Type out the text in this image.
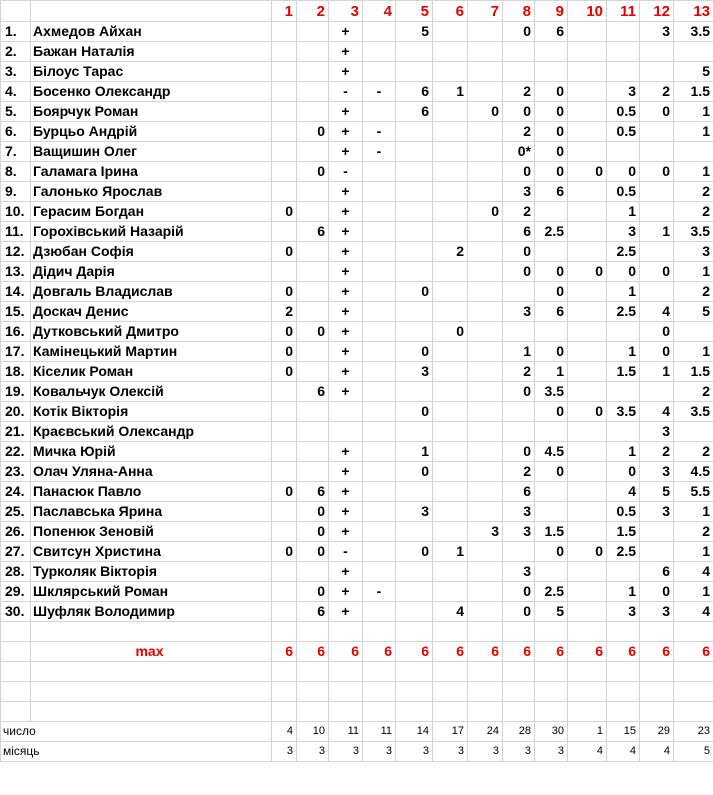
		1	2	3	4	5	6	7	8	9	10	11	12	13
1.	Ахмедов Айхан			+		5			0	6			3	3.5
2.	Бажан Наталія			+										
3.	Білоус Тарас			+										5
4.	Босенко Олександр			-	-	6	1		2	0		3	2	1.5
5.	Боярчук Роман			+		6		0	0	0		0.5	0	1
6.	Бурцьо Андрій		0	+	-				2	0		0.5		1
7.	Ващишин Олег			+	-				0*	0				
8.	Галамага Ірина		0	-					0	0	0	0	0	1
9.	Галонько Ярослав			+					3	6		0.5		2
10.	Герасим Богдан	0		+				0	2			1		2
11.	Горохівський Назарій		6	+					6	2.5		3	1	3.5
12.	Дзюбан Софія	0		+			2		0			2.5		3
13.	Дідич Дарія			+					0	0	0	0	0	1
14.	Довгаль Владислав	0		+		0				0		1		2
15.	Доскач Денис	2		+					3	6		2.5	4	5
16.	Дутковський Дмитро	0	0	+			0						0	
17.	Камінецький Мартин	0		+		0			1	0		1	0	1
18.	Кіселик Роман	0		+		3			2	1		1.5	1	1.5
19.	Ковальчук Олексій		6	+					0	3.5				2
20.	Котік Вікторія					0				0	0	3.5	4	3.5
21.	Краєвський Олександр												3	
22.	Мичка Юрій			+		1			0	4.5		1	2	2
23.	Олач Уляна-Анна			+		0			2	0		0	3	4.5
24.	Панасюк Павло	0	6	+					6			4	5	5.5
25.	Паславська Ярина		0	+		3			3			0.5	3	1
26.	Попенюк Зеновій		0	+				3	3	1.5		1.5		2
27.	Свитсун Христина	0	0	-		0	1			0	0	2.5		1
28.	Турколяк Вікторія			+					3				6	4
29.	Шклярський Роман		0	+	-				0	2.5		1	0	1
30.	Шуфляк Володимир		6	+			4		0	5		3	3	4

	max	6	6	6	6	6	6	6	6	6	6	6	6	6

число		4	10	11	11	14	17	24	28	30	1	15	29	23
місяць		3	3	3	3	3	3	3	3	3	4	4	4	5
